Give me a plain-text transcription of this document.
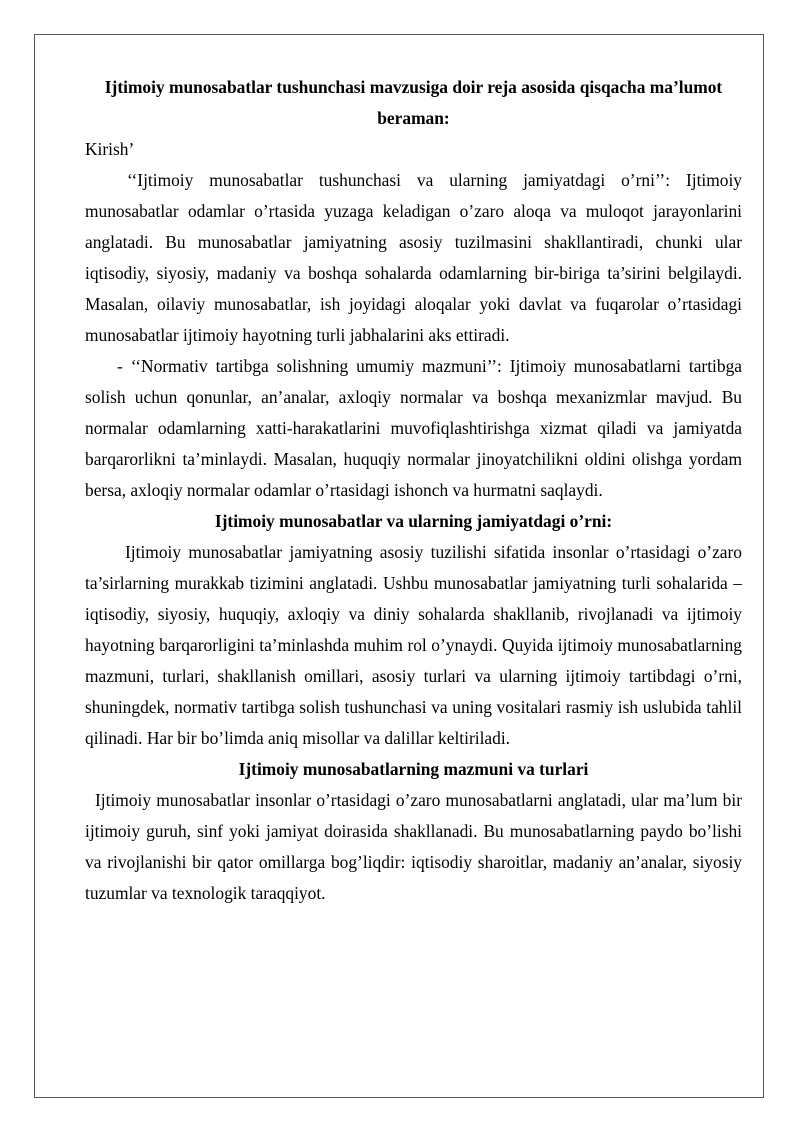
Ijtimoiy munosabatlar tushunchasi mavzusiga doir reja asosida qisqacha ma’lumot beraman:

Kirish’

‘‘Ijtimoiy munosabatlar tushunchasi va ularning jamiyatdagi o’rni’’: Ijtimoiy munosabatlar odamlar o’rtasida yuzaga keladigan o’zaro aloqa va muloqot jarayonlarini anglatadi. Bu munosabatlar jamiyatning asosiy tuzilmasini shakllantiradi, chunki ular iqtisodiy, siyosiy, madaniy va boshqa sohalarda odamlarning bir-biriga ta’sirini belgilaydi. Masalan, oilaviy munosabatlar, ish joyidagi aloqalar yoki davlat va fuqarolar o’rtasidagi munosabatlar ijtimoiy hayotning turli jabhalarini aks ettiradi.

- ‘‘Normativ tartibga solishning umumiy mazmuni’’: Ijtimoiy munosabatlarni tartibga solish uchun qonunlar, an’analar, axloqiy normalar va boshqa mexanizmlar mavjud. Bu normalar odamlarning xatti-harakatlarini muvofiqlashtirishga xizmat qiladi va jamiyatda barqarorlikni ta’minlaydi. Masalan, huquqiy normalar jinoyatchilikni oldini olishga yordam bersa, axloqiy normalar odamlar o’rtasidagi ishonch va hurmatni saqlaydi.

Ijtimoiy munosabatlar va ularning jamiyatdagi o’rni:

Ijtimoiy munosabatlar jamiyatning asosiy tuzilishi sifatida insonlar o’rtasidagi o’zaro ta’sirlarning murakkab tizimini anglatadi. Ushbu munosabatlar jamiyatning turli sohalarida – iqtisodiy, siyosiy, huquqiy, axloqiy va diniy sohalarda shakllanib, rivojlanadi va ijtimoiy hayotning barqarorligini ta’minlashda muhim rol o’ynaydi. Quyida ijtimoiy munosabatlarning mazmuni, turlari, shakllanish omillari, asosiy turlari va ularning ijtimoiy tartibdagi o’rni, shuningdek, normativ tartibga solish tushunchasi va uning vositalari rasmiy ish uslubida tahlil qilinadi. Har bir bo’limda aniq misollar va dalillar keltiriladi.

Ijtimoiy munosabatlarning mazmuni va turlari

Ijtimoiy munosabatlar insonlar o’rtasidagi o’zaro munosabatlarni anglatadi, ular ma’lum bir ijtimoiy guruh, sinf yoki jamiyat doirasida shakllanadi. Bu munosabatlarning paydo bo’lishi va rivojlanishi bir qator omillarga bog’liqdir: iqtisodiy sharoitlar, madaniy an’analar, siyosiy tuzumlar va texnologik taraqqiyot.
